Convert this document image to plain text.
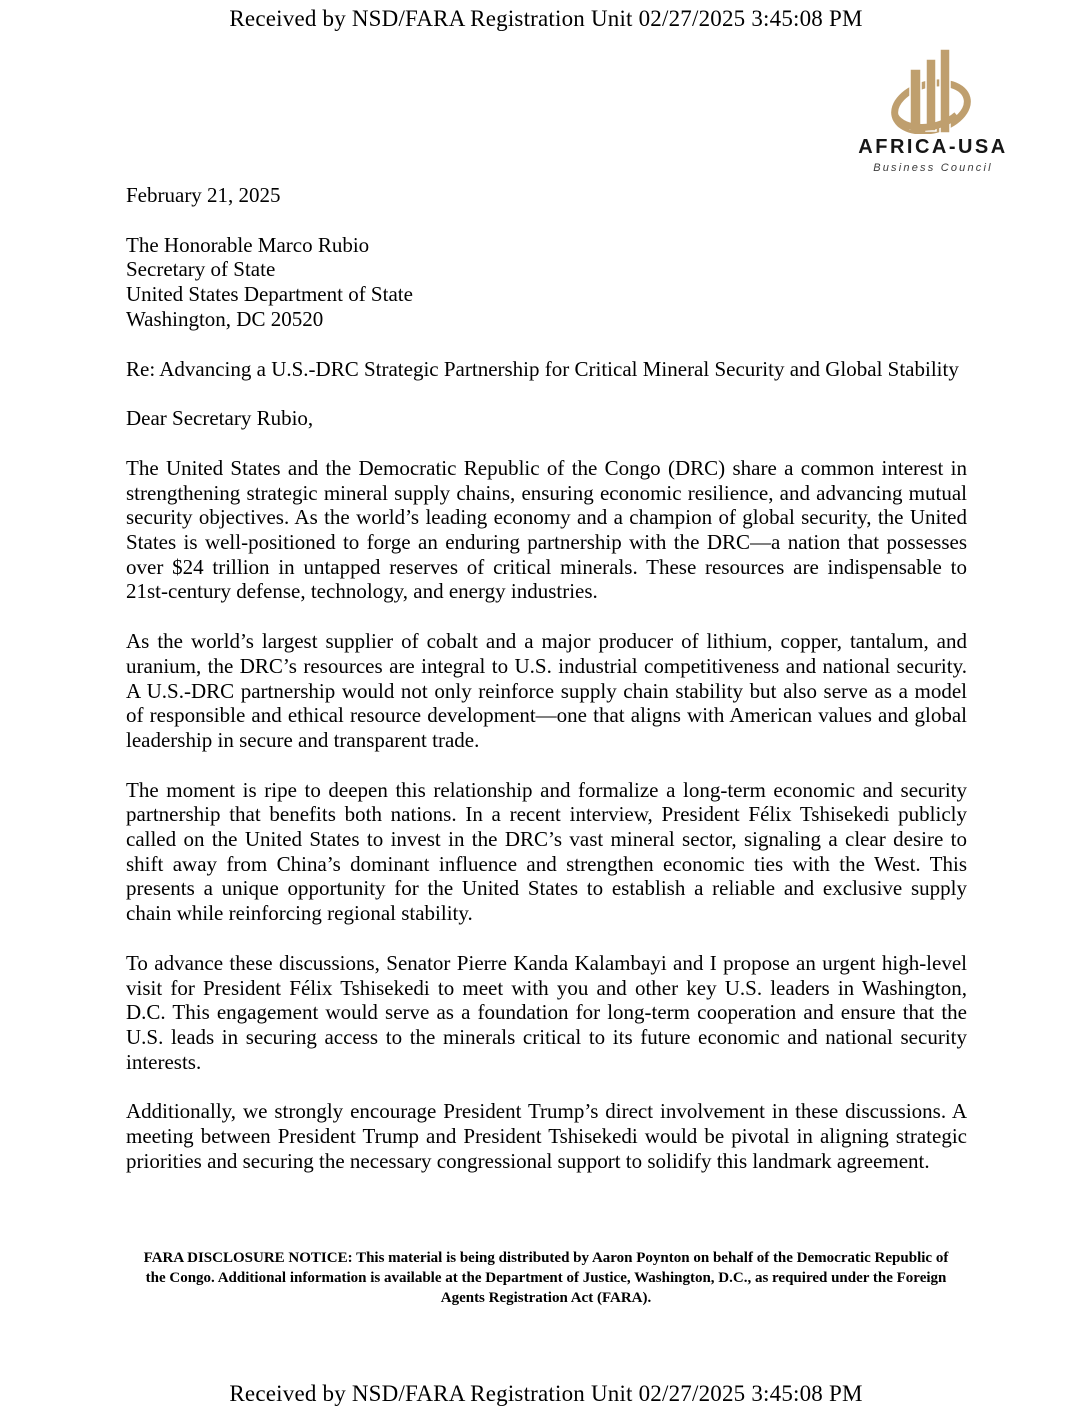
Received by NSD/FARA Registration Unit 02/27/2025 3:45:08 PM
AFRICA-USA
Business Council

February 21, 2025

The Honorable Marco Rubio
Secretary of State
United States Department of State
Washington, DC 20520

Re: Advancing a U.S.-DRC Strategic Partnership for Critical Mineral Security and Global Stability

Dear Secretary Rubio,

The United States and the Democratic Republic of the Congo (DRC) share a common interest in strengthening strategic mineral supply chains, ensuring economic resilience, and advancing mutual security objectives. As the world’s leading economy and a champion of global security, the United States is well-positioned to forge an enduring partnership with the DRC—a nation that possesses over $24 trillion in untapped reserves of critical minerals. These resources are indispensable to 21st-century defense, technology, and energy industries.

As the world’s largest supplier of cobalt and a major producer of lithium, copper, tantalum, and uranium, the DRC’s resources are integral to U.S. industrial competitiveness and national security. A U.S.-DRC partnership would not only reinforce supply chain stability but also serve as a model of responsible and ethical resource development—one that aligns with American values and global leadership in secure and transparent trade.

The moment is ripe to deepen this relationship and formalize a long-term economic and security partnership that benefits both nations. In a recent interview, President Félix Tshisekedi publicly called on the United States to invest in the DRC’s vast mineral sector, signaling a clear desire to shift away from China’s dominant influence and strengthen economic ties with the West. This presents a unique opportunity for the United States to establish a reliable and exclusive supply chain while reinforcing regional stability.

To advance these discussions, Senator Pierre Kanda Kalambayi and I propose an urgent high-level visit for President Félix Tshisekedi to meet with you and other key U.S. leaders in Washington, D.C. This engagement would serve as a foundation for long-term cooperation and ensure that the U.S. leads in securing access to the minerals critical to its future economic and national security interests.

Additionally, we strongly encourage President Trump’s direct involvement in these discussions. A meeting between President Trump and President Tshisekedi would be pivotal in aligning strategic priorities and securing the necessary congressional support to solidify this landmark agreement.

FARA DISCLOSURE NOTICE: This material is being distributed by Aaron Poynton on behalf of the Democratic Republic of the Congo. Additional information is available at the Department of Justice, Washington, D.C., as required under the Foreign Agents Registration Act (FARA).
Received by NSD/FARA Registration Unit 02/27/2025 3:45:08 PM
